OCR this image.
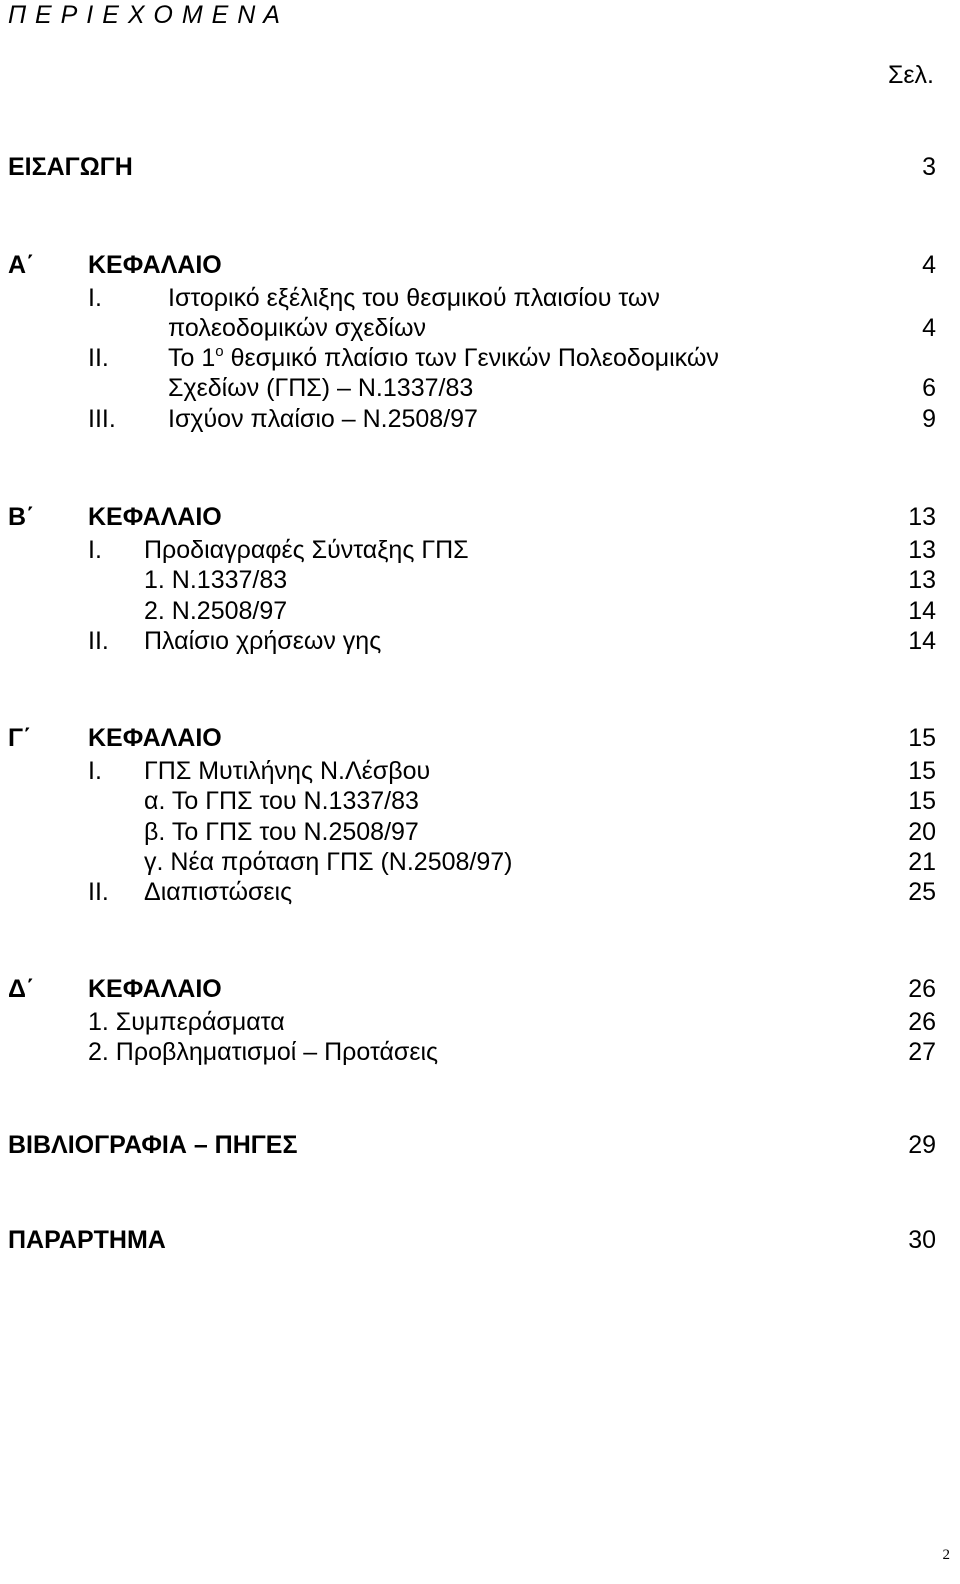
Π Ε Ρ Ι Ε Χ Ο Μ Ε Ν Α
Σελ.
ΕΙΣΑΓΩΓΗ	3
Α΄ ΚΕΦΑΛΑΙΟ	4
I.	Ιστορικό εξέλιξης του θεσμικού πλαισίου των
πολεοδομικών σχεδίων	4
II. Το $1^o$ θεσμικό πλαίσιο των Γενικών Πολεοδομικών
Σχεδίων (ΓΠΣ) – Ν.1337/83	6
III. Ισχύον πλαίσιο – Ν.2508/97	9
Β΄ ΚΕΦΑΛΑΙΟ	13
I. Προδιαγραφές Σύνταξης ΓΠΣ	13
1. Ν.1337/83	13
2. Ν.2508/97	14
II. Πλαίσιο χρήσεων γης	14
Γ΄ ΚΕΦΑΛΑΙΟ	15
I. ΓΠΣ Μυτιλήνης Ν.Λέσβου	15
α. Το ΓΠΣ του Ν.1337/83	15
β. Το ΓΠΣ του Ν.2508/97	20
γ. Νέα πρόταση ΓΠΣ (Ν.2508/97)	21
II. Διαπιστώσεις	25
Δ΄ ΚΕΦΑΛΑΙΟ	26
1. Συμπεράσματα	26
2. Προβληματισμοί – Προτάσεις	27
ΒΙΒΛΙΟΓΡΑΦΙΑ – ΠΗΓΕΣ	29
ΠΑΡΑΡΤΗΜΑ	30
2
